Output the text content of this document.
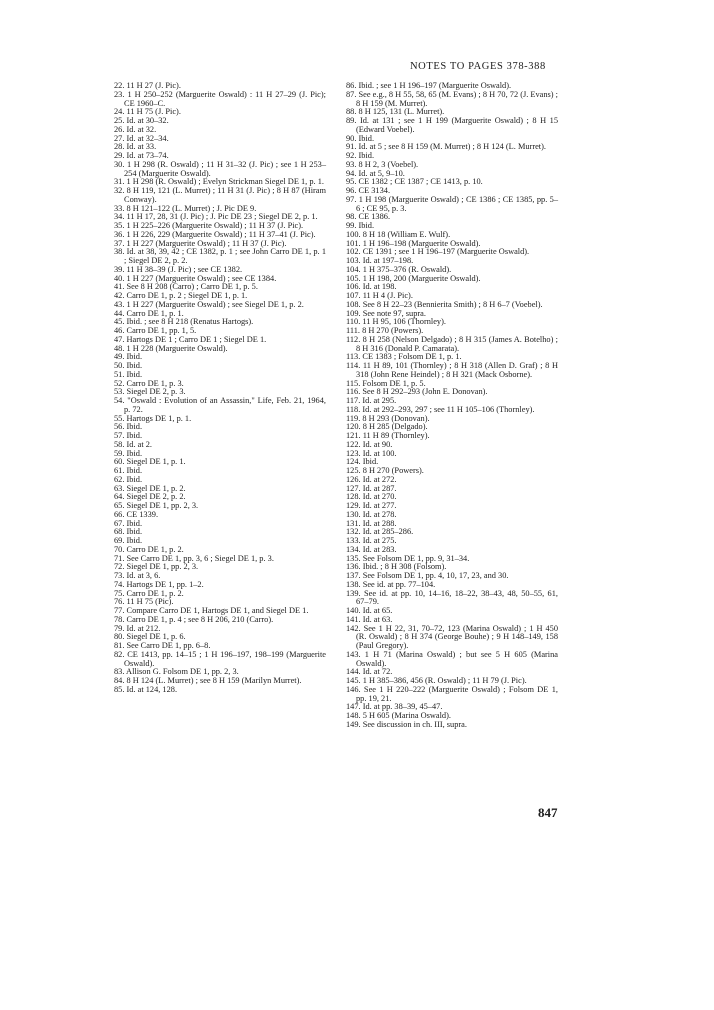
NOTES TO PAGES 378-388

22. 11 H 27 (J. Pic).

23. 1 H 250–252 (Marguerite Oswald) : 11 H 27–29 (J. Pic); CE 1960–C.

24. 11 H 75 (J. Pic).

25. Id. at 30–32.

26. Id. at 32.

27. Id. at 32–34.

28. Id. at 33.

29. Id. at 73–74.

30. 1 H 298 (R. Oswald) ; 11 H 31–32 (J. Pic) ; see 1 H 253–254 (Marguerite Oswald).

31. 1 H 298 (R. Oswald) ; Evelyn Strickman Siegel DE 1, p. 1.

32. 8 H 119, 121 (L. Murret) ; 11 H 31 (J. Pic) ; 8 H 87 (Hiram Conway).

33. 8 H 121–122 (L. Murret) ; J. Pic DE 9.

34. 11 H 17, 28, 31 (J. Pic) ; J. Pic DE 23 ; Siegel DE 2, p. 1.

35. 1 H 225–226 (Marguerite Oswald) ; 11 H 37 (J. Pic).

36. 1 H 226, 229 (Marguerite Oswald) ; 11 H 37–41 (J. Pic).

37. 1 H 227 (Marguerite Oswald) ; 11 H 37 (J. Pic).

38. Id. at 38, 39, 42 ; CE 1382, p. 1 ; see John Carro DE 1, p. 1 ; Siegel DE 2, p. 2.

39. 11 H 38–39 (J. Pic) ; see CE 1382.

40. 1 H 227 (Marguerite Oswald) ; see CE 1384.

41. See 8 H 208 (Carro) ; Carro DE 1, p. 5.

42. Carro DE 1, p. 2 ; Siegel DE 1, p. 1.

43. 1 H 227 (Marguerite Oswald) ; see Siegel DE 1, p. 2.

44. Carro DE 1, p. 1.

45. Ibid. ; see 8 H 218 (Renatus Hartogs).

46. Carro DE 1, pp. 1, 5.

47. Hartogs DE 1 ; Carro DE 1 ; Siegel DE 1.

48. 1 H 228 (Marguerite Oswald).

49. Ibid.

50. Ibid.

51. Ibid.

52. Carro DE 1, p. 3.

53. Siegel DE 2, p. 3.

54. "Oswald : Evolution of an Assassin," Life, Feb. 21, 1964, p. 72.

55. Hartogs DE 1, p. 1.

56. Ibid.

57. Ibid.

58. Id. at 2.

59. Ibid.

60. Siegel DE 1, p. 1.

61. Ibid.

62. Ibid.

63. Siegel DE 1, p. 2.

64. Siegel DE 2, p. 2.

65. Siegel DE 1, pp. 2, 3.

66. CE 1339.

67. Ibid.

68. Ibid.

69. Ibid.

70. Carro DE 1, p. 2.

71. See Carro DE 1, pp. 3, 6 ; Siegel DE 1, p. 3.

72. Siegel DE 1, pp. 2, 3.

73. Id. at 3, 6.

74. Hartogs DE 1, pp. 1–2.

75. Carro DE 1, p. 2.

76. 11 H 75 (Pic).

77. Compare Carro DE 1, Hartogs DE 1, and Siegel DE 1.

78. Carro DE 1, p. 4 ; see 8 H 206, 210 (Carro).

79. Id. at 212.

80. Siegel DE 1, p. 6.

81. See Carro DE 1, pp. 6–8.

82. CE 1413, pp. 14–15 ; 1 H 196–197, 198–199 (Marguerite Oswald).

83. Allison G. Folsom DE 1, pp. 2, 3.

84. 8 H 124 (L. Murret) ; see 8 H 159 (Marilyn Murret).

85. Id. at 124, 128.

86. Ibid. ; see 1 H 196–197 (Marguerite Oswald).

87. See e.g., 8 H 55, 58, 65 (M. Evans) ; 8 H 70, 72 (J. Evans) ; 8 H 159 (M. Murret).

88. 8 H 125, 131 (L. Murret).

89. Id. at 131 ; see 1 H 199 (Marguerite Oswald) ; 8 H 15 (Edward Voebel).

90. Ibid.

91. Id. at 5 ; see 8 H 159 (M. Murret) ; 8 H 124 (L. Murret).

92. Ibid.

93. 8 H 2, 3 (Voebel).

94. Id. at 5, 9–10.

95. CE 1382 ; CE 1387 ; CE 1413, p. 10.

96. CE 3134.

97. 1 H 198 (Marguerite Oswald) ; CE 1386 ; CE 1385, pp. 5–6 ; CE 95, p. 3.

98. CE 1386.

99. Ibid.

100. 8 H 18 (William E. Wulf).

101. 1 H 196–198 (Marguerite Oswald).

102. CE 1391 ; see 1 H 196–197 (Marguerite Oswald).

103. Id. at 197–198.

104. 1 H 375–376 (R. Oswald).

105. 1 H 198, 200 (Marguerite Oswald).

106. Id. at 198.

107. 11 H 4 (J. Pic).

108. See 8 H 22–23 (Bennierita Smith) ; 8 H 6–7 (Voebel).

109. See note 97, supra.

110. 11 H 95, 106 (Thornley).

111. 8 H 270 (Powers).

112. 8 H 258 (Nelson Delgado) ; 8 H 315 (James A. Botelho) ; 8 H 316 (Donald P. Camarata).

113. CE 1383 ; Folsom DE 1, p. 1.

114. 11 H 89, 101 (Thornley) ; 8 H 318 (Allen D. Graf) ; 8 H 318 (John Rene Heindel) ; 8 H 321 (Mack Osborne).

115. Folsom DE 1, p. 5.

116. See 8 H 292–293 (John E. Donovan).

117. Id. at 295.

118. Id. at 292–293, 297 ; see 11 H 105–106 (Thornley).

119. 8 H 293 (Donovan).

120. 8 H 285 (Delgado).

121. 11 H 89 (Thornley).

122. Id. at 90.

123. Id. at 100.

124. Ibid.

125. 8 H 270 (Powers).

126. Id. at 272.

127. Id. at 287.

128. Id. at 270.

129. Id. at 277.

130. Id. at 278.

131. Id. at 288.

132. Id. at 285–286.

133. Id. at 275.

134. Id. at 283.

135. See Folsom DE 1, pp. 9, 31–34.

136. Ibid. ; 8 H 308 (Folsom).

137. See Folsom DE 1, pp. 4, 10, 17, 23, and 30.

138. See id. at pp. 77–104.

139. See id. at pp. 10, 14–16, 18–22, 38–43, 48, 50–55, 61, 67–79.

140. Id. at 65.

141. Id. at 63.

142. See 1 H 22, 31, 70–72, 123 (Marina Oswald) ; 1 H 450 (R. Oswald) ; 8 H 374 (George Bouhe) ; 9 H 148–149, 158 (Paul Gregory).

143. 1 H 71 (Marina Oswald) ; but see 5 H 605 (Marina Oswald).

144. Id. at 72.

145. 1 H 385–386, 456 (R. Oswald) ; 11 H 79 (J. Pic).

146. See 1 H 220–222 (Marguerite Oswald) ; Folsom DE 1, pp. 19, 21.

147. Id. at pp. 38–39, 45–47.

148. 5 H 605 (Marina Oswald).

149. See discussion in ch. III, supra.

847
